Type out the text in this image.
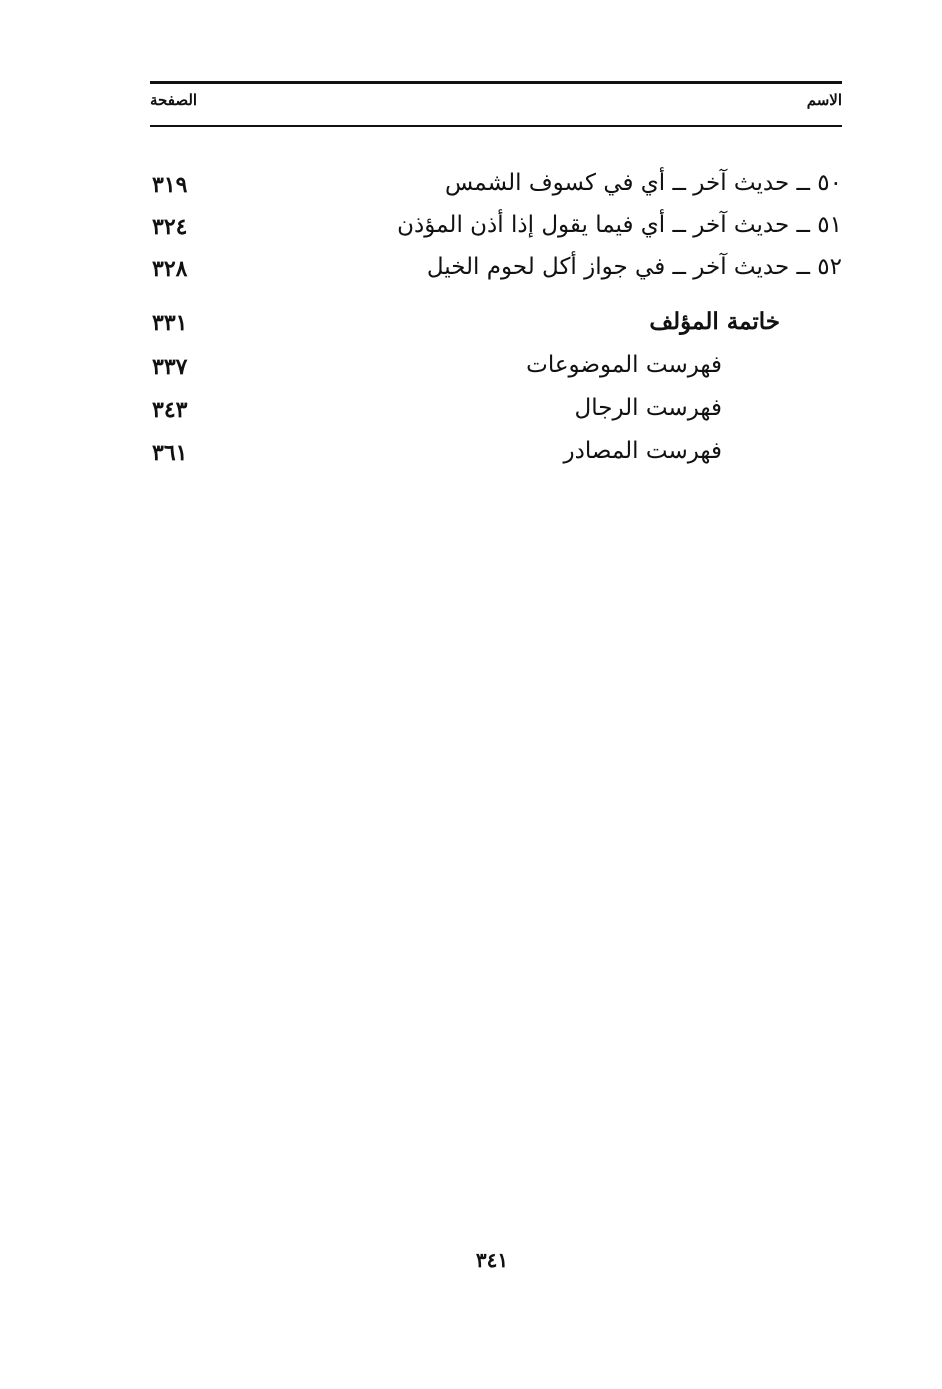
الاسم
الصفحة
٥٠ ــ حديث آخر ــ أي في كسوف الشمس
٣١٩
٥١ ــ حديث آخر ــ أي فيما يقول إذا أذن المؤذن
٣٢٤
٥٢ ــ حديث آخر ــ في جواز أكل لحوم الخيل
٣٢٨
خاتمة المؤلف
٣٣١
فهرست الموضوعات
٣٣٧
فهرست الرجال
٣٤٣
فهرست المصادر
٣٦١
٣٤١
